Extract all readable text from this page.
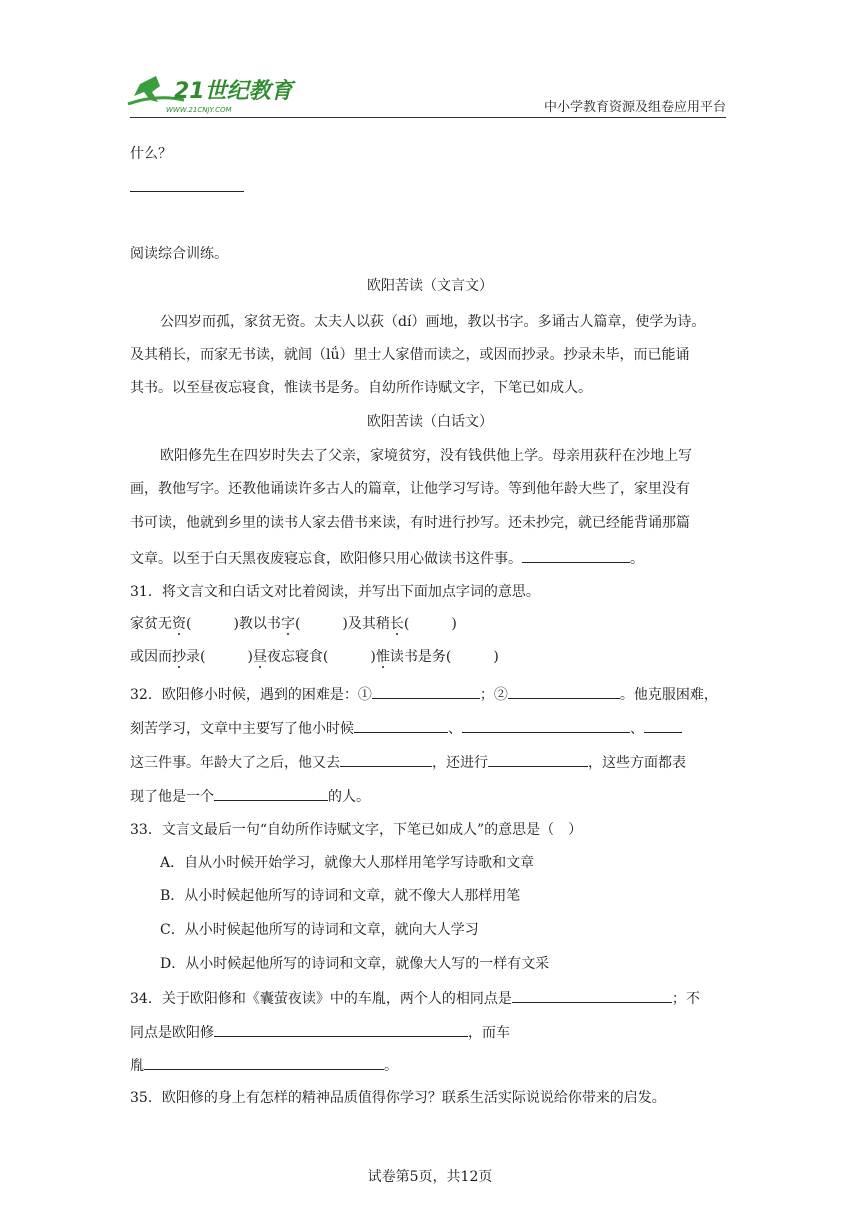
21世纪教育
WWW.21CNJY.COM	中小学教育资源及组卷应用平台
什么？
阅读综合训练。
欧阳苦读（文言文）
公四岁而孤，家贫无资。太夫人以荻（dí）画地，教以书字。多诵古人篇章，使学为诗。
及其稍长，而家无书读，就闾（lǘ）里士人家借而读之，或因而抄录。抄录未毕，而已能诵
其书。以至昼夜忘寝食，惟读书是务。自幼所作诗赋文字，下笔已如成人。
欧阳苦读（白话文）
欧阳修先生在四岁时失去了父亲，家境贫穷，没有钱供他上学。母亲用荻秆在沙地上写
画，教他写字。还教他诵读许多古人的篇章，让他学习写诗。等到他年龄大些了，家里没有
书可读，他就到乡里的读书人家去借书来读，有时进行抄写。还未抄完，就已经能背诵那篇
文章。以至于白天黑夜废寝忘食，欧阳修只用心做读书这件事。	。
31．将文言文和白话文对比着阅读，并写出下面加点字词的意思。
家贫无资(	)教以书字(	)及其稍长(	)
或因而抄录(	)昼夜忘寝食(	)惟读书是务(	)
32．欧阳修小时候，遇到的困难是：①	；②	。他克服困难，
刻苦学习，文章中主要写了他小时候	、	、
这三件事。年龄大了之后，他又去	，还进行	，这些方面都表
现了他是一个	的人。
33．文言文最后一句“自幼所作诗赋文字，下笔已如成人”的意思是（　）
A．自从小时候开始学习，就像大人那样用笔学写诗歌和文章
B．从小时候起他所写的诗词和文章，就不像大人那样用笔
C．从小时候起他所写的诗词和文章，就向大人学习
D．从小时候起他所写的诗词和文章，就像大人写的一样有文采
34．关于欧阳修和《囊萤夜读》中的车胤，两个人的相同点是	；不
同点是欧阳修	，而车
胤	。
35．欧阳修的身上有怎样的精神品质值得你学习？联系生活实际说说给你带来的启发。
试卷第5页，共12页
